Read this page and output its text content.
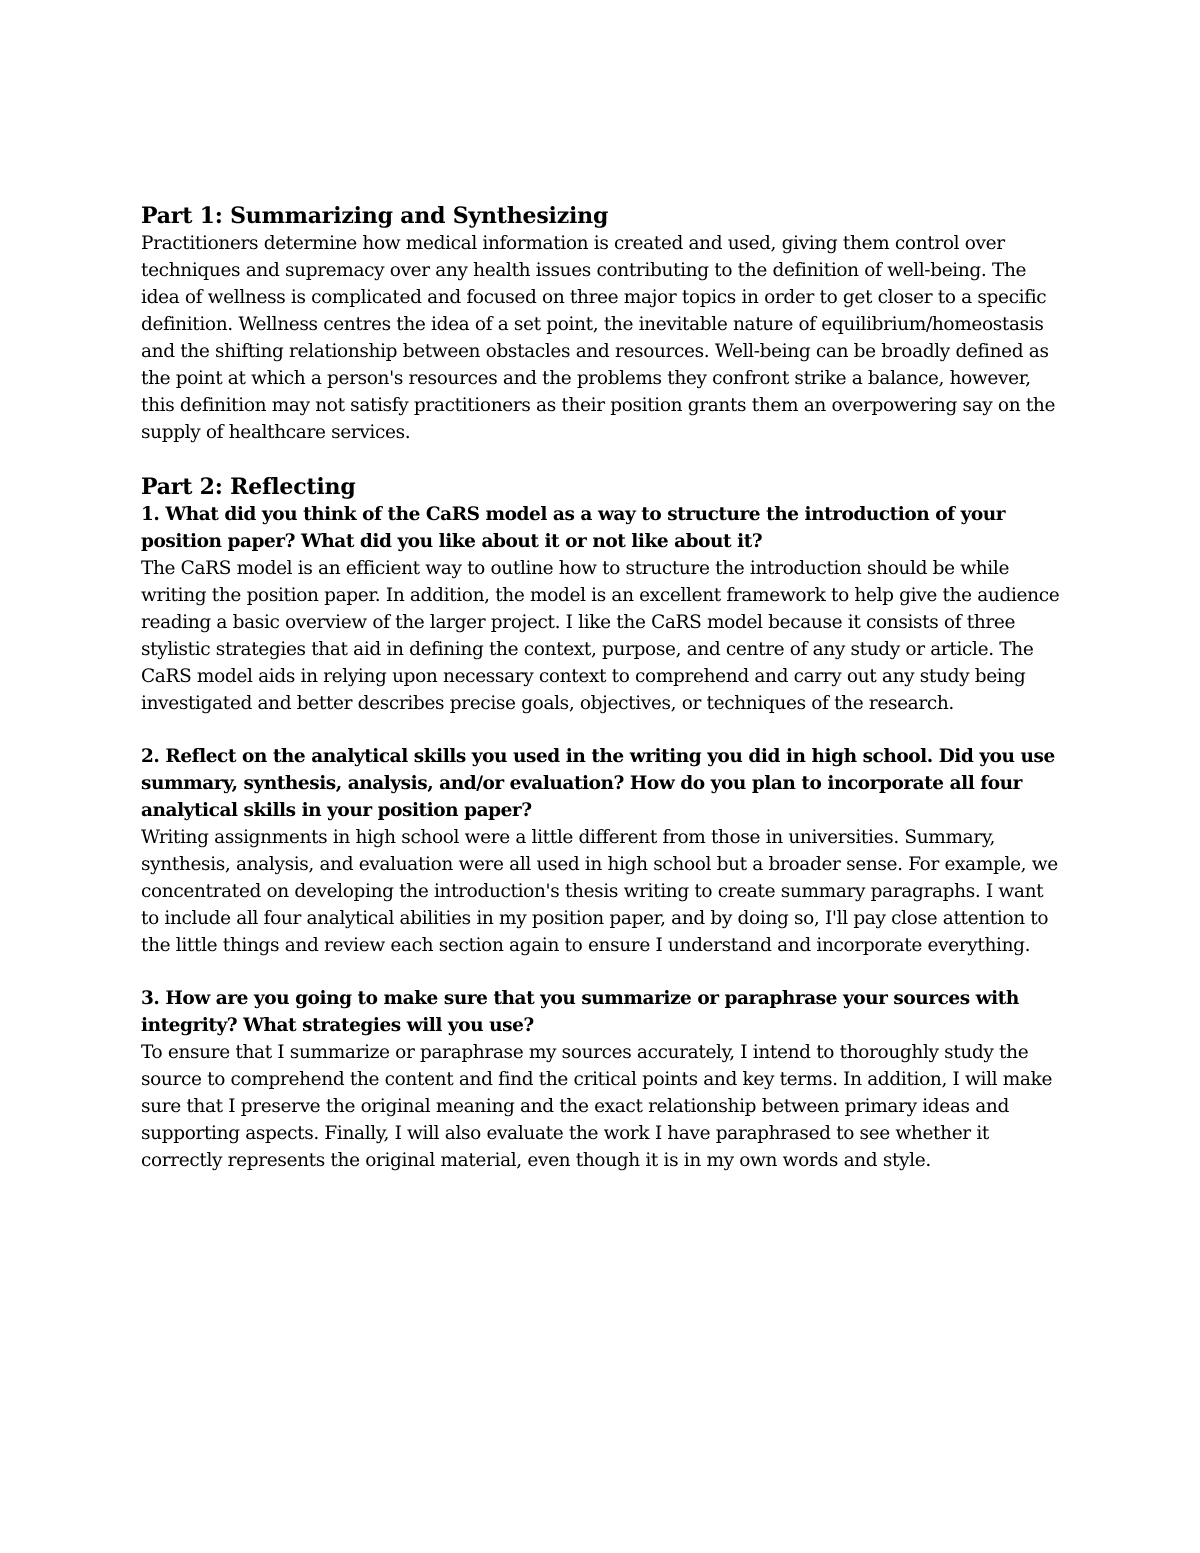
Part 1: Summarizing and Synthesizing

Practitioners determine how medical information is created and used, giving them control over techniques and supremacy over any health issues contributing to the definition of well-being. The idea of wellness is complicated and focused on three major topics in order to get closer to a specific definition. Wellness centres the idea of a set point, the inevitable nature of equilibrium/homeostasis and the shifting relationship between obstacles and resources. Well-being can be broadly defined as the point at which a person's resources and the problems they confront strike a balance, however, this definition may not satisfy practitioners as their position grants them an overpowering say on the supply of healthcare services.

Part 2: Reflecting

1. What did you think of the CaRS model as a way to structure the introduction of your position paper? What did you like about it or not like about it?

The CaRS model is an efficient way to outline how to structure the introduction should be while writing the position paper. In addition, the model is an excellent framework to help give the audience reading a basic overview of the larger project. I like the CaRS model because it consists of three stylistic strategies that aid in defining the context, purpose, and centre of any study or article. The CaRS model aids in relying upon necessary context to comprehend and carry out any study being investigated and better describes precise goals, objectives, or techniques of the research.

2. Reflect on the analytical skills you used in the writing you did in high school. Did you use summary, synthesis, analysis, and/or evaluation? How do you plan to incorporate all four analytical skills in your position paper?

Writing assignments in high school were a little different from those in universities. Summary, synthesis, analysis, and evaluation were all used in high school but a broader sense. For example, we concentrated on developing the introduction's thesis writing to create summary paragraphs. I want to include all four analytical abilities in my position paper, and by doing so, I'll pay close attention to the little things and review each section again to ensure I understand and incorporate everything.

3. How are you going to make sure that you summarize or paraphrase your sources with integrity? What strategies will you use?

To ensure that I summarize or paraphrase my sources accurately, I intend to thoroughly study the source to comprehend the content and find the critical points and key terms. In addition, I will make sure that I preserve the original meaning and the exact relationship between primary ideas and supporting aspects. Finally, I will also evaluate the work I have paraphrased to see whether it correctly represents the original material, even though it is in my own words and style.
